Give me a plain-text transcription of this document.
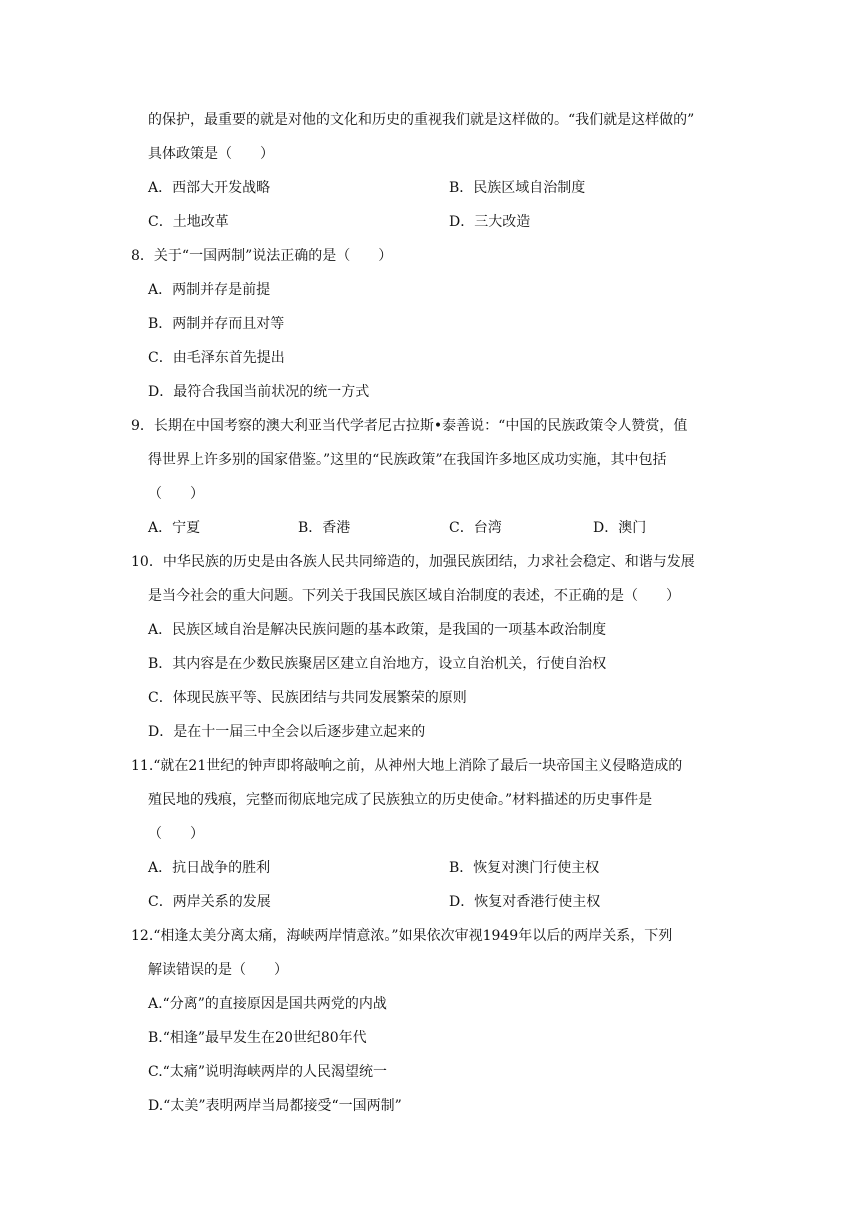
的保护，最重要的就是对他的文化和历史的重视我们就是这样做的。“我们就是这样做的”
具体政策是（　　）
A．西部大开发战略	B．民族区域自治制度
C．土地改革	D．三大改造
8．关于“一国两制”说法正确的是（　　）
A．两制并存是前提
B．两制并存而且对等
C．由毛泽东首先提出
D．最符合我国当前状况的统一方式
9．长期在中国考察的澳大利亚当代学者尼古拉斯•泰善说：“中国的民族政策令人赞赏，值
得世界上许多别的国家借鉴。”这里的“民族政策”在我国许多地区成功实施，其中包括
（　　）
A．宁夏	B．香港	C．台湾	D．澳门
10．中华民族的历史是由各族人民共同缔造的，加强民族团结，力求社会稳定、和谐与发展
是当今社会的重大问题。下列关于我国民族区域自治制度的表述，不正确的是（　　）
A．民族区域自治是解决民族问题的基本政策，是我国的一项基本政治制度
B．其内容是在少数民族聚居区建立自治地方，设立自治机关，行使自治权
C．体现民族平等、民族团结与共同发展繁荣的原则
D．是在十一届三中全会以后逐步建立起来的
11.“就在21世纪的钟声即将敲响之前，从神州大地上消除了最后一块帝国主义侵略造成的
殖民地的残痕，完整而彻底地完成了民族独立的历史使命。”材料描述的历史事件是
（　　）
A．抗日战争的胜利	B．恢复对澳门行使主权
C．两岸关系的发展	D．恢复对香港行使主权
12.“相逢太美分离太痛，海峡两岸情意浓。”如果依次审视1949年以后的两岸关系，下列
解读错误的是（　　）
A.“分离”的直接原因是国共两党的内战
B.“相逢”最早发生在20世纪80年代
C.“太痛”说明海峡两岸的人民渴望统一
D.“太美”表明两岸当局都接受“一国两制”
